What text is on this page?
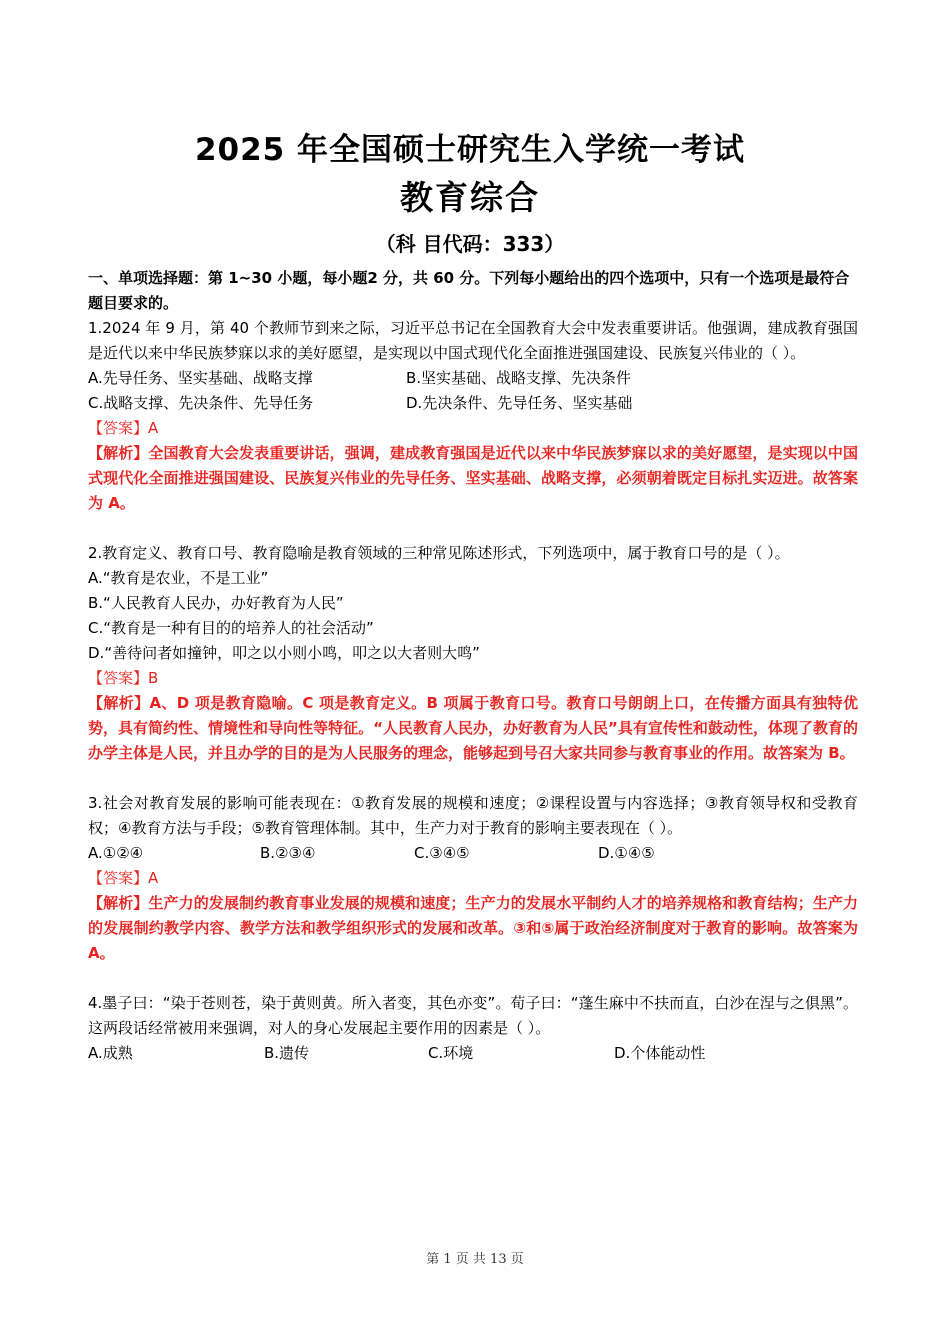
2025 年全国硕士研究生入学统一考试
教育综合
（科 目代码：333）

一、单项选择题：第 1~30 小题，每小题2 分，共 60 分。下列每小题给出的四个选项中，只有一个选项是最符合题目要求的。

1.2024 年 9 月，第 40 个教师节到来之际，习近平总书记在全国教育大会中发表重要讲话。他强调，建成教育强国是近代以来中华民族梦寐以求的美好愿望，是实现以中国式现代化全面推进强国建设、民族复兴伟业的（ ）。

A.先导任务、坚实基础、战略支撑	B.坚实基础、战略支撑、先决条件
C.战略支撑、先决条件、先导任务	D.先决条件、先导任务、坚实基础

【答案】A

【解析】全国教育大会发表重要讲话，强调，建成教育强国是近代以来中华民族梦寐以求的美好愿望，是实现以中国式现代化全面推进强国建设、民族复兴伟业的先导任务、坚实基础、战略支撑，必须朝着既定目标扎实迈进。故答案为 A。

2.教育定义、教育口号、教育隐喻是教育领域的三种常见陈述形式，下列选项中，属于教育口号的是（ ）。

A.“教育是农业，不是工业”

B.“人民教育人民办，办好教育为人民”

C.“教育是一种有目的的培养人的社会活动”

D.“善待问者如撞钟，叩之以小则小鸣，叩之以大者则大鸣”

【答案】B

【解析】A、D 项是教育隐喻。C 项是教育定义。B 项属于教育口号。教育口号朗朗上口，在传播方面具有独特优势，具有简约性、情境性和导向性等特征。“人民教育人民办，办好教育为人民”具有宣传性和鼓动性，体现了教育的办学主体是人民，并且办学的目的是为人民服务的理念，能够起到号召大家共同参与教育事业的作用。故答案为 B。

3.社会对教育发展的影响可能表现在：①教育发展的规模和速度；②课程设置与内容选择；③教育领导权和受教育权；④教育方法与手段；⑤教育管理体制。其中，生产力对于教育的影响主要表现在（ ）。

A.①②④	B.②③④	C.③④⑤	D.①④⑤

【答案】A

【解析】生产力的发展制约教育事业发展的规模和速度；生产力的发展水平制约人才的培养规格和教育结构；生产力的发展制约教学内容、教学方法和教学组织形式的发展和改革。③和⑤属于政治经济制度对于教育的影响。故答案为 A。

4.墨子曰：“染于苍则苍，染于黄则黄。所入者变，其色亦变”。荀子曰：“蓬生麻中不扶而直，白沙在涅与之俱黑”。这两段话经常被用来强调，对人的身心发展起主要作用的因素是（ ）。

A.成熟	B.遗传	C.环境	D.个体能动性
第 1 页 共 13 页
